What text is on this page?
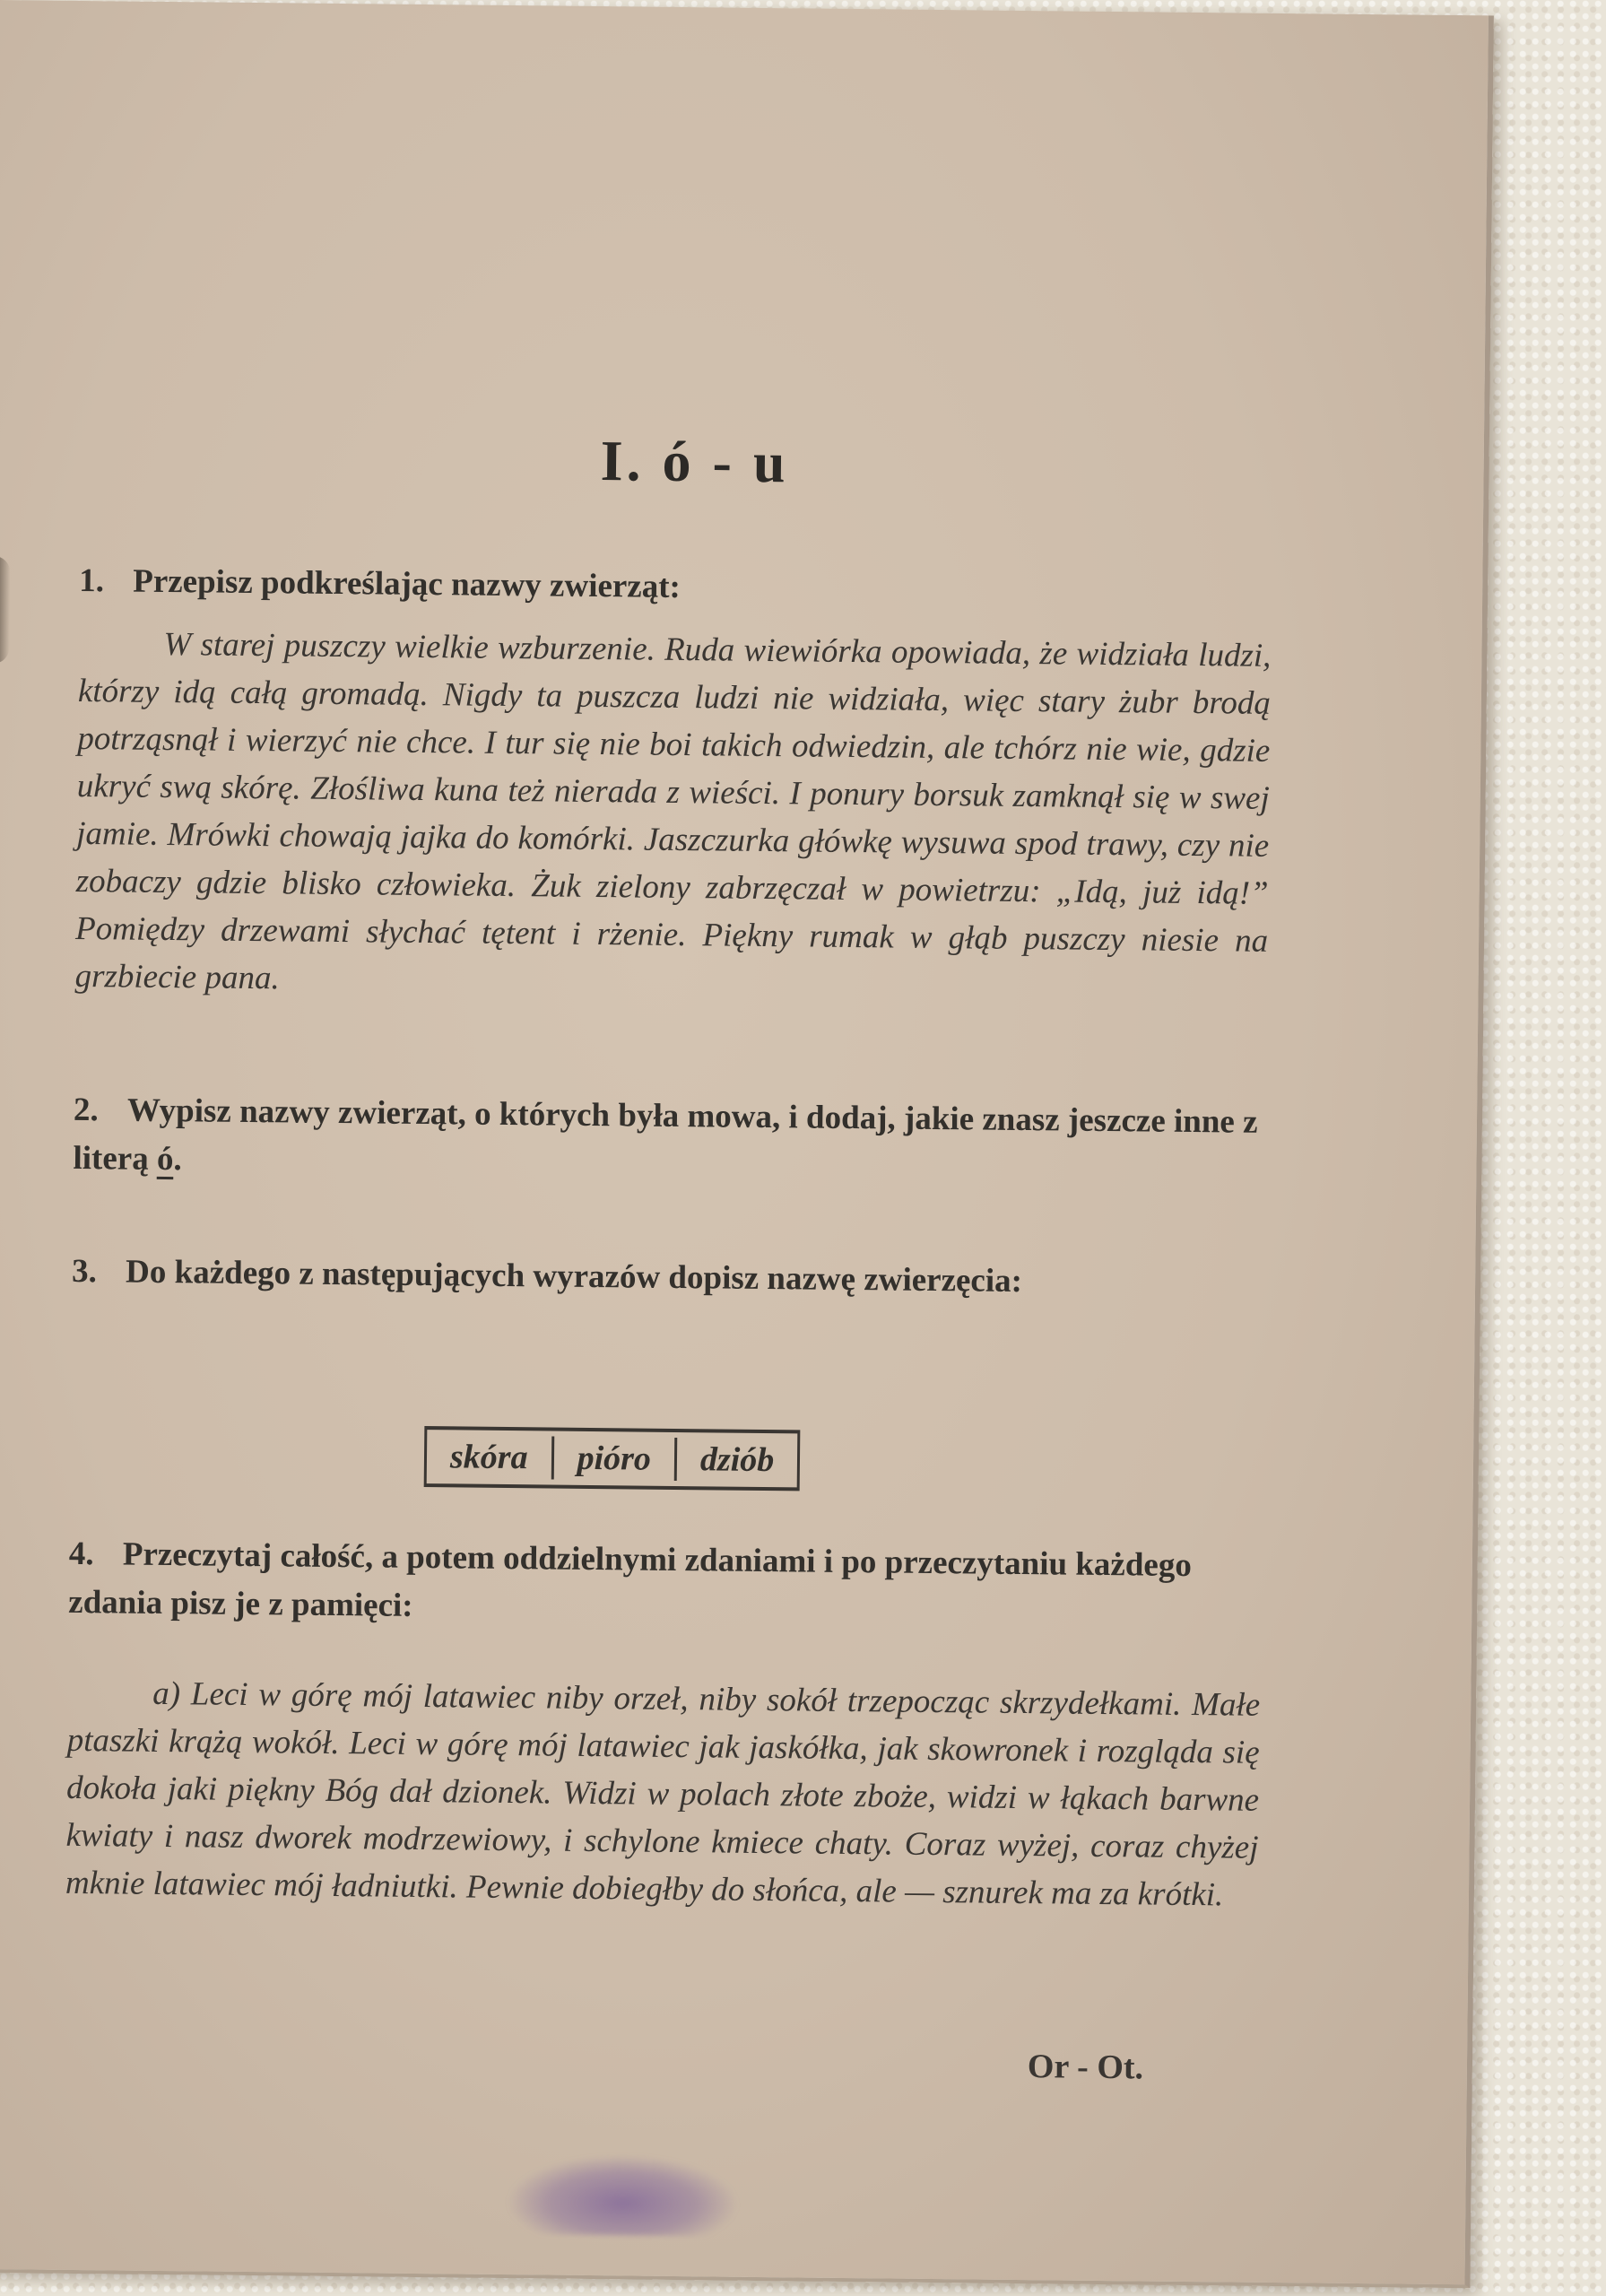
I. ó - u
1. Przepisz podkreślając nazwy zwierząt:
W starej puszczy wielkie wzburzenie. Ruda wiewiórka opowiada, że widziała ludzi, którzy idą całą gromadą. Nigdy ta puszcza ludzi nie widziała, więc stary żubr brodą potrząsnął i wierzyć nie chce. I tur się nie boi takich odwiedzin, ale tchórz nie wie, gdzie ukryć swą skórę. Złośliwa kuna też nierada z wieści. I ponury borsuk zamknął się w swej jamie. Mrówki chowają jajka do komórki. Jaszczurka główkę wysuwa spod trawy, czy nie zobaczy gdzie blisko człowieka. Żuk zielony zabrzęczał w powietrzu: „Idą, już idą!” Pomiędzy drzewami słychać tętent i rżenie. Piękny rumak w głąb puszczy niesie na grzbiecie pana.
2. Wypisz nazwy zwierząt, o których była mowa, i dodaj, jakie znasz jeszcze inne z literą ó.
3. Do każdego z następujących wyrazów dopisz nazwę zwierzęcia:
skóra	pióro	dziób
4. Przeczytaj całość, a potem oddzielnymi zdaniami i po przeczytaniu każdego zdania pisz je z pamięci:
a) Leci w górę mój latawiec niby orzeł, niby sokół trzepocząc skrzydełkami. Małe ptaszki krążą wokół. Leci w górę mój latawiec jak jaskółka, jak skowronek i rozgląda się dokoła jaki piękny Bóg dał dzionek. Widzi w polach złote zboże, widzi w łąkach barwne kwiaty i nasz dworek modrzewiowy, i schylone kmiece chaty. Coraz wyżej, coraz chyżej mknie latawiec mój ładniutki. Pewnie dobiegłby do słońca, ale — sznurek ma za krótki.
Or - Ot.
